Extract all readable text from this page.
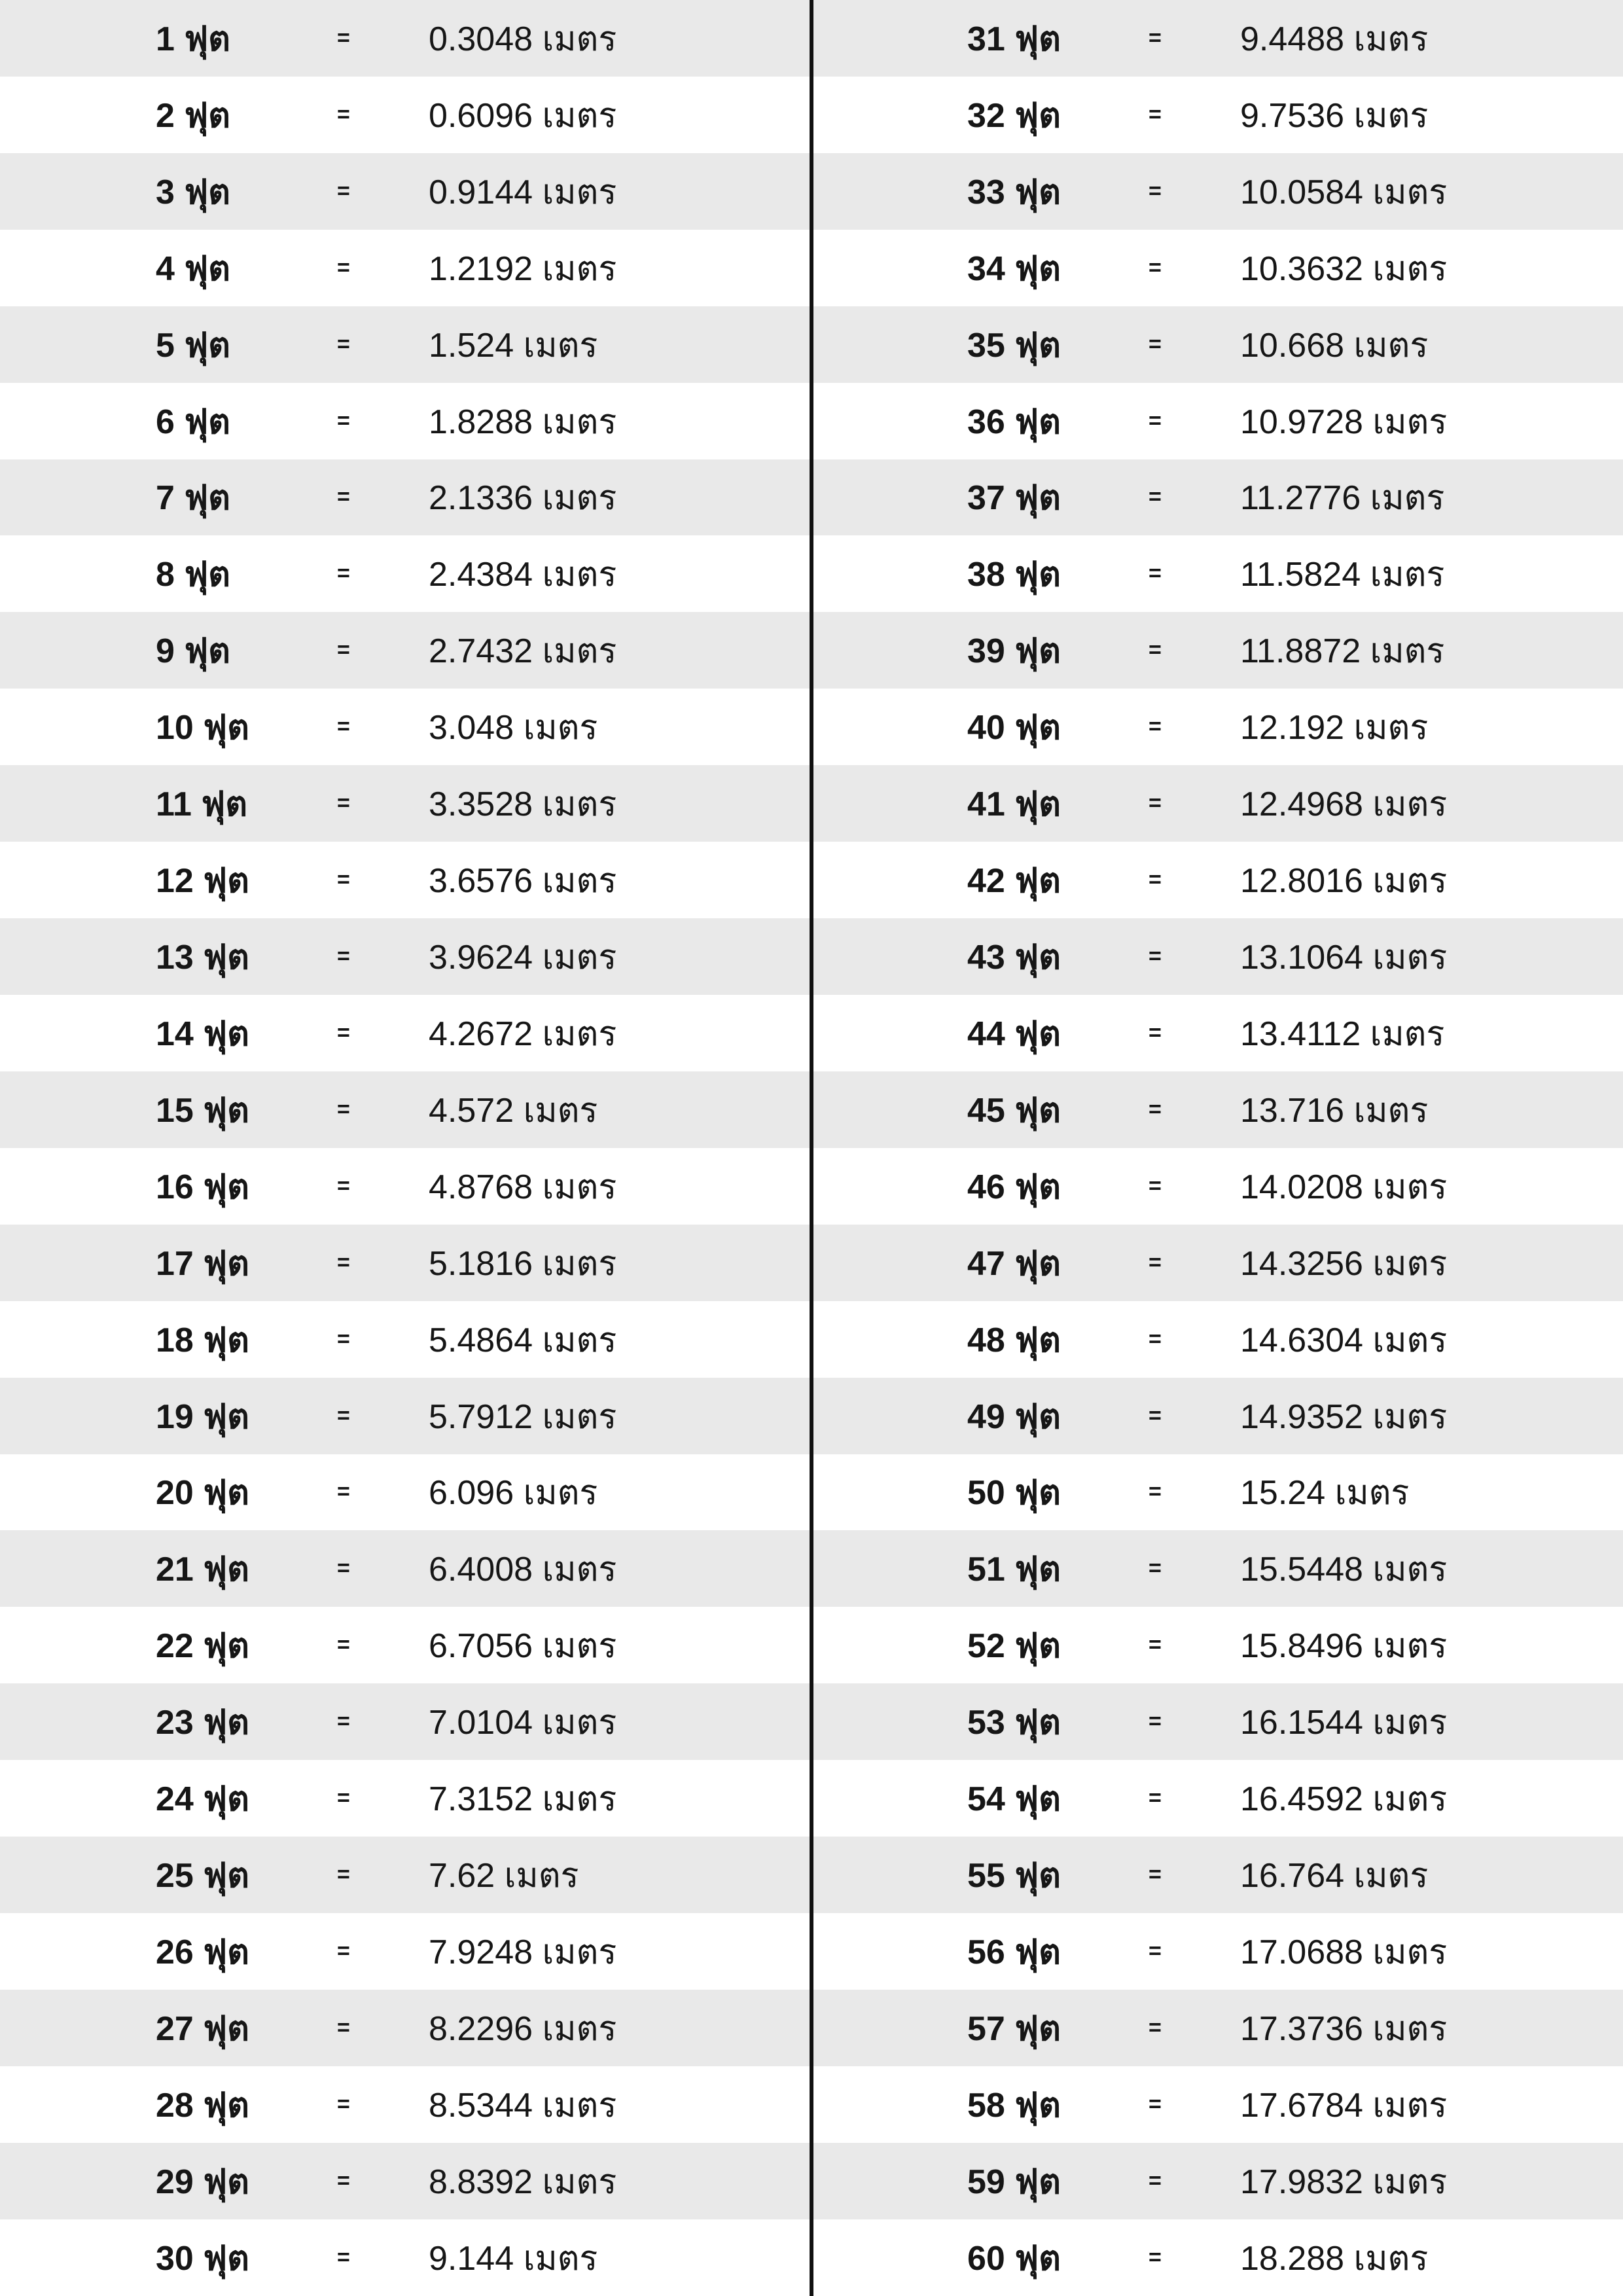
1 ฟุต	= 0.3048 เมตร	31 ฟุต	= 9.4488 เมตร
2 ฟุต	= 0.6096 เมตร	32 ฟุต	= 9.7536 เมตร
3 ฟุต	= 0.9144 เมตร	33 ฟุต	= 10.0584 เมตร
4 ฟุต	= 1.2192 เมตร	34 ฟุต	= 10.3632 เมตร
5 ฟุต	= 1.524 เมตร	35 ฟุต	= 10.668 เมตร
6 ฟุต	= 1.8288 เมตร	36 ฟุต	= 10.9728 เมตร
7 ฟุต	= 2.1336 เมตร	37 ฟุต	= 11.2776 เมตร
8 ฟุต	= 2.4384 เมตร	38 ฟุต	= 11.5824 เมตร
9 ฟุต	= 2.7432 เมตร	39 ฟุต	= 11.8872 เมตร
10 ฟุต	= 3.048 เมตร	40 ฟุต	= 12.192 เมตร
11 ฟุต	= 3.3528 เมตร	41 ฟุต	= 12.4968 เมตร
12 ฟุต	= 3.6576 เมตร	42 ฟุต	= 12.8016 เมตร
13 ฟุต	= 3.9624 เมตร	43 ฟุต	= 13.1064 เมตร
14 ฟุต	= 4.2672 เมตร	44 ฟุต	= 13.4112 เมตร
15 ฟุต	= 4.572 เมตร	45 ฟุต	= 13.716 เมตร
16 ฟุต	= 4.8768 เมตร	46 ฟุต	= 14.0208 เมตร
17 ฟุต	= 5.1816 เมตร	47 ฟุต	= 14.3256 เมตร
18 ฟุต	= 5.4864 เมตร	48 ฟุต	= 14.6304 เมตร
19 ฟุต	= 5.7912 เมตร	49 ฟุต	= 14.9352 เมตร
20 ฟุต	= 6.096 เมตร	50 ฟุต	= 15.24 เมตร
21 ฟุต	= 6.4008 เมตร	51 ฟุต	= 15.5448 เมตร
22 ฟุต	= 6.7056 เมตร	52 ฟุต	= 15.8496 เมตร
23 ฟุต	= 7.0104 เมตร	53 ฟุต	= 16.1544 เมตร
24 ฟุต	= 7.3152 เมตร	54 ฟุต	= 16.4592 เมตร
25 ฟุต	= 7.62 เมตร	55 ฟุต	= 16.764 เมตร
26 ฟุต	= 7.9248 เมตร	56 ฟุต	= 17.0688 เมตร
27 ฟุต	= 8.2296 เมตร	57 ฟุต	= 17.3736 เมตร
28 ฟุต	= 8.5344 เมตร	58 ฟุต	= 17.6784 เมตร
29 ฟุต	= 8.8392 เมตร	59 ฟุต	= 17.9832 เมตร
30 ฟุต	= 9.144 เมตร	60 ฟุต	= 18.288 เมตร
